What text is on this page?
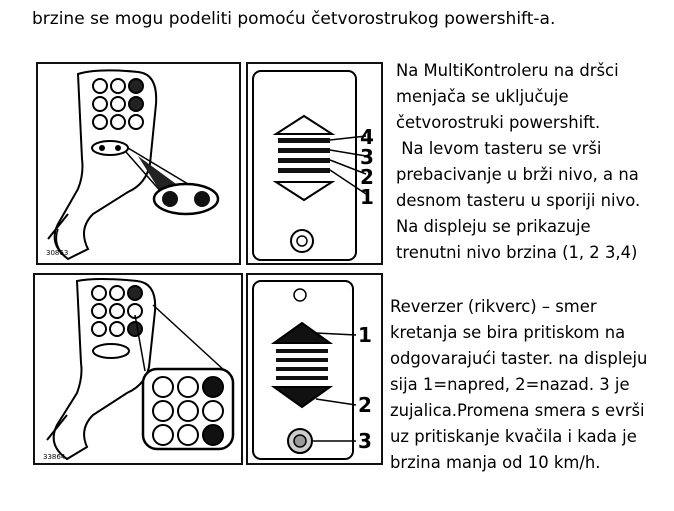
brzine se mogu podeliti pomoću četvorostrukog powershift-a.
30863
4
3
2
1
Na MultiKontroleru na dršci
menjača se uključuje
četvorostruki powershift.
Na levom tasteru se vrši
prebacivanje u brži nivo, a na
desnom tasteru u sporiji nivo.
Na displeju se prikazuje
trenutni nivo brzina (1, 2 3,4)
33864
1
2
3
Reverzer (rikverc) – smer
kretanja se bira pritiskom na
odgovarajući taster. na displeju
sija 1=napred, 2=nazad. 3 je
zujalica.Promena smera s evrši
uz pritiskanje kvačila i kada je
brzina manja od 10 km/h.
